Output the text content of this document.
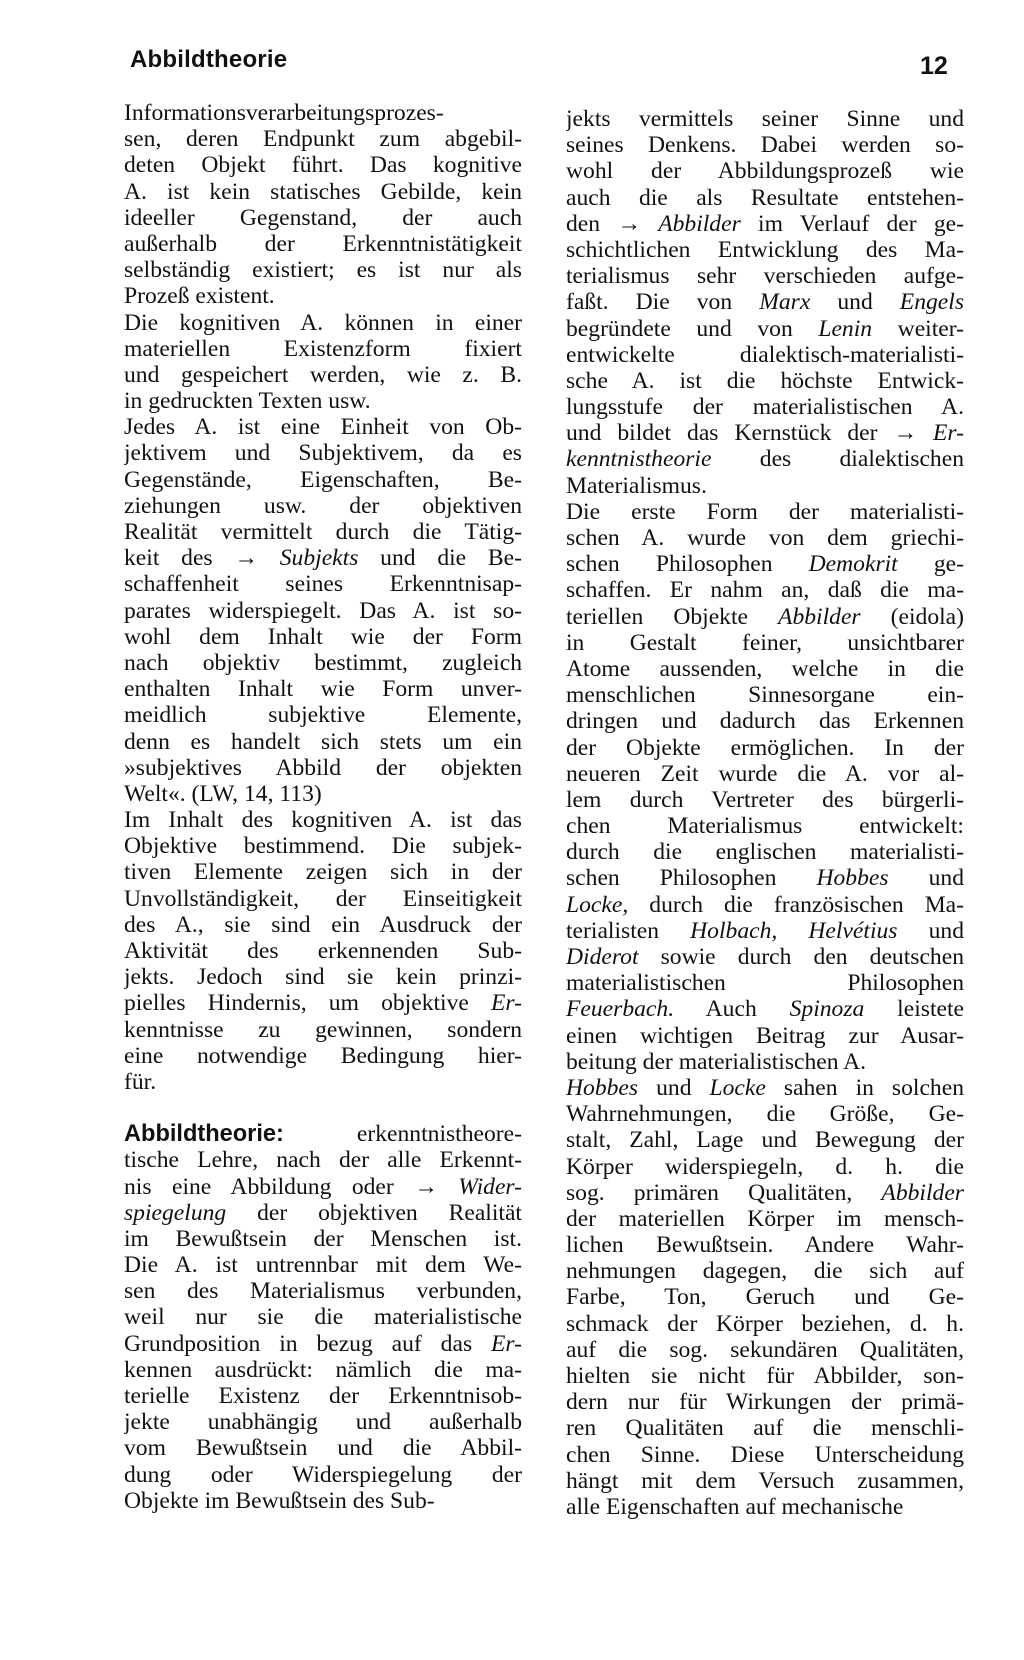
Abbildtheorie	12
Informationsverarbeitungsprozes-
sen, deren Endpunkt zum abgebil-
deten Objekt führt. Das kognitive
A. ist kein statisches Gebilde, kein
ideeller Gegenstand, der auch
außerhalb der Erkenntnistätigkeit
selbständig existiert; es ist nur als
Prozeß existent.
Die kognitiven A. können in einer
materiellen Existenzform fixiert
und gespeichert werden, wie z. B.
in gedruckten Texten usw.
Jedes A. ist eine Einheit von Ob-
jektivem und Subjektivem, da es
Gegenstände, Eigenschaften, Be-
ziehungen usw. der objektiven
Realität vermittelt durch die Tätig-
keit des → Subjekts und die Be-
schaffenheit seines Erkenntnisap-
parates widerspiegelt. Das A. ist so-
wohl dem Inhalt wie der Form
nach objektiv bestimmt, zugleich
enthalten Inhalt wie Form unver-
meidlich subjektive Elemente,
denn es handelt sich stets um ein
»subjektives Abbild der objekten
Welt«. (LW, 14, 113)
Im Inhalt des kognitiven A. ist das
Objektive bestimmend. Die subjek-
tiven Elemente zeigen sich in der
Unvollständigkeit, der Einseitigkeit
des A., sie sind ein Ausdruck der
Aktivität des erkennenden Sub-
jekts. Jedoch sind sie kein prinzi-
pielles Hindernis, um objektive Er-
kenntnisse zu gewinnen, sondern
eine notwendige Bedingung hier-
für.
Abbildtheorie: erkenntnistheore-
tische Lehre, nach der alle Erkennt-
nis eine Abbildung oder → Wider-
spiegelung der objektiven Realität
im Bewußtsein der Menschen ist.
Die A. ist untrennbar mit dem We-
sen des Materialismus verbunden,
weil nur sie die materialistische
Grundposition in bezug auf das Er-
kennen ausdrückt: nämlich die ma-
terielle Existenz der Erkenntnisob-
jekte unabhängig und außerhalb
vom Bewußtsein und die Abbil-
dung oder Widerspiegelung der
Objekte im Bewußtsein des Sub-
jekts vermittels seiner Sinne und
seines Denkens. Dabei werden so-
wohl der Abbildungsprozeß wie
auch die als Resultate entstehen-
den → Abbilder im Verlauf der ge-
schichtlichen Entwicklung des Ma-
terialismus sehr verschieden aufge-
faßt. Die von Marx und Engels
begründete und von Lenin weiter-
entwickelte dialektisch-materialisti-
sche A. ist die höchste Entwick-
lungsstufe der materialistischen A.
und bildet das Kernstück der → Er-
kenntnistheorie des dialektischen
Materialismus.
Die erste Form der materialisti-
schen A. wurde von dem griechi-
schen Philosophen Demokrit ge-
schaffen. Er nahm an, daß die ma-
teriellen Objekte Abbilder (eidola)
in Gestalt feiner, unsichtbarer
Atome aussenden, welche in die
menschlichen Sinnesorgane ein-
dringen und dadurch das Erkennen
der Objekte ermöglichen. In der
neueren Zeit wurde die A. vor al-
lem durch Vertreter des bürgerli-
chen Materialismus entwickelt:
durch die englischen materialisti-
schen Philosophen Hobbes und
Locke, durch die französischen Ma-
terialisten Holbach, Helvétius und
Diderot sowie durch den deutschen
materialistischen Philosophen
Feuerbach. Auch Spinoza leistete
einen wichtigen Beitrag zur Ausar-
beitung der materialistischen A.
Hobbes und Locke sahen in solchen
Wahrnehmungen, die Größe, Ge-
stalt, Zahl, Lage und Bewegung der
Körper widerspiegeln, d. h. die
sog. primären Qualitäten, Abbilder
der materiellen Körper im mensch-
lichen Bewußtsein. Andere Wahr-
nehmungen dagegen, die sich auf
Farbe, Ton, Geruch und Ge-
schmack der Körper beziehen, d. h.
auf die sog. sekundären Qualitäten,
hielten sie nicht für Abbilder, son-
dern nur für Wirkungen der primä-
ren Qualitäten auf die menschli-
chen Sinne. Diese Unterscheidung
hängt mit dem Versuch zusammen,
alle Eigenschaften auf mechanische
